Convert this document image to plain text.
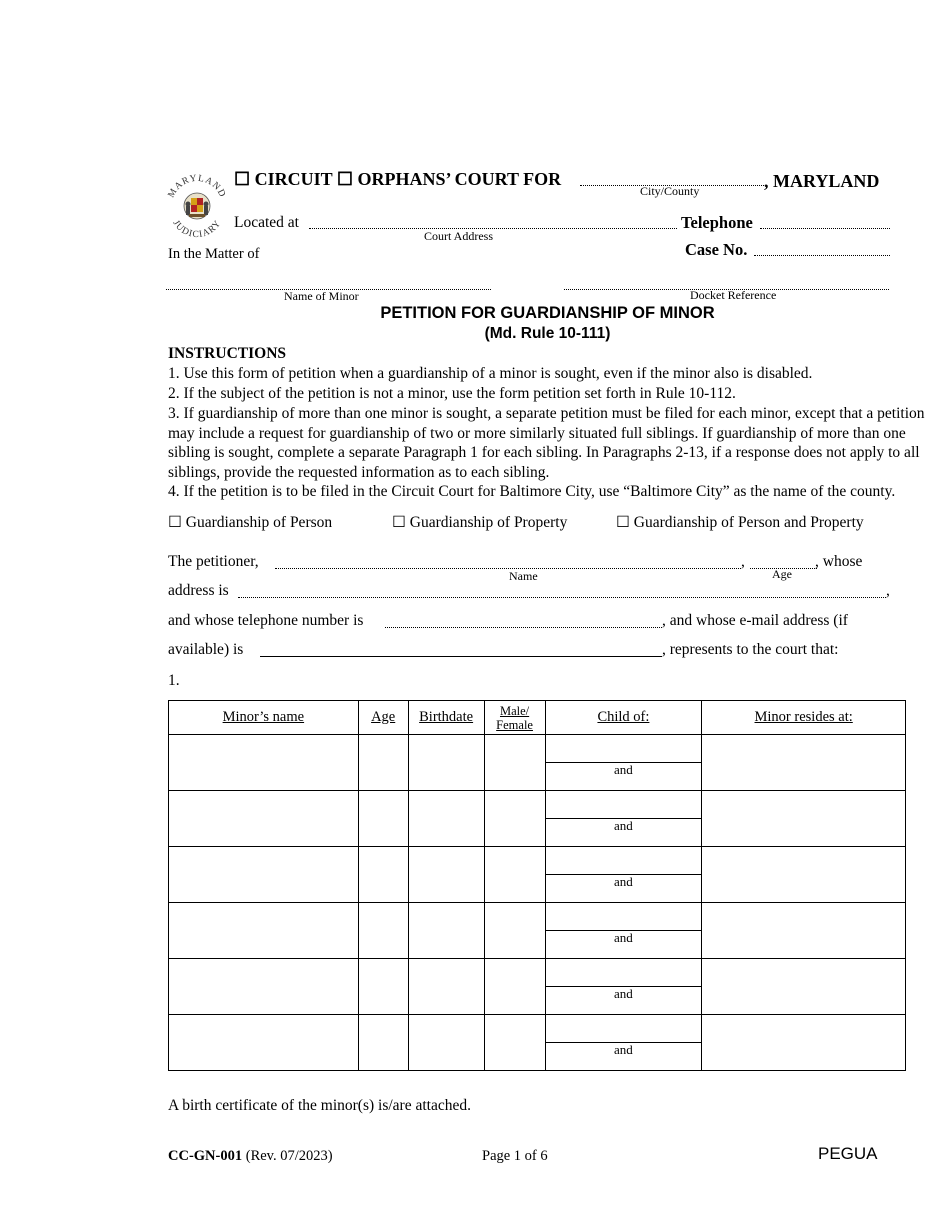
MARYLAND
JUDICIARY
☐ CIRCUIT ☐ ORPHANS’ COURT FOR
City/County	, MARYLAND
Located at
Court Address
Telephone
Case No.
In the Matter of
Name of Minor	Docket Reference
PETITION FOR GUARDIANSHIP OF MINOR
(Md. Rule 10-111)
INSTRUCTIONS
1. Use this form of petition when a guardianship of a minor is sought, even if the minor also is disabled.
2. If the subject of the petition is not a minor, use the form petition set forth in Rule 10-112.
3. If guardianship of more than one minor is sought, a separate petition must be filed for each minor, except that a petition may include a request for guardianship of two or more similarly situated full siblings. If guardianship of more than one sibling is sought, complete a separate Paragraph 1 for each sibling. In Paragraphs 2-13, if a response does not apply to all siblings, provide the requested information as to each sibling.
4. If the petition is to be filed in the Circuit Court for Baltimore City, use “Baltimore City” as the name of the county.
☐ Guardianship of Person	☐ Guardianship of Property	☐ Guardianship of Person and Property
The petitioner,	,	, whose
Name	Age
address is	,
and whose telephone number is	, and whose e-mail address (if
available) is	, represents to the court that:
1.
Minor’s name	Age	Birthdate	Male/ Female	Child of:	Minor resides at:

				and	

				and	

				and	

				and	

				and	

				and	

A birth certificate of the minor(s) is/are attached.
CC-GN-001 (Rev. 07/2023)	Page 1 of 6	PEGUA
